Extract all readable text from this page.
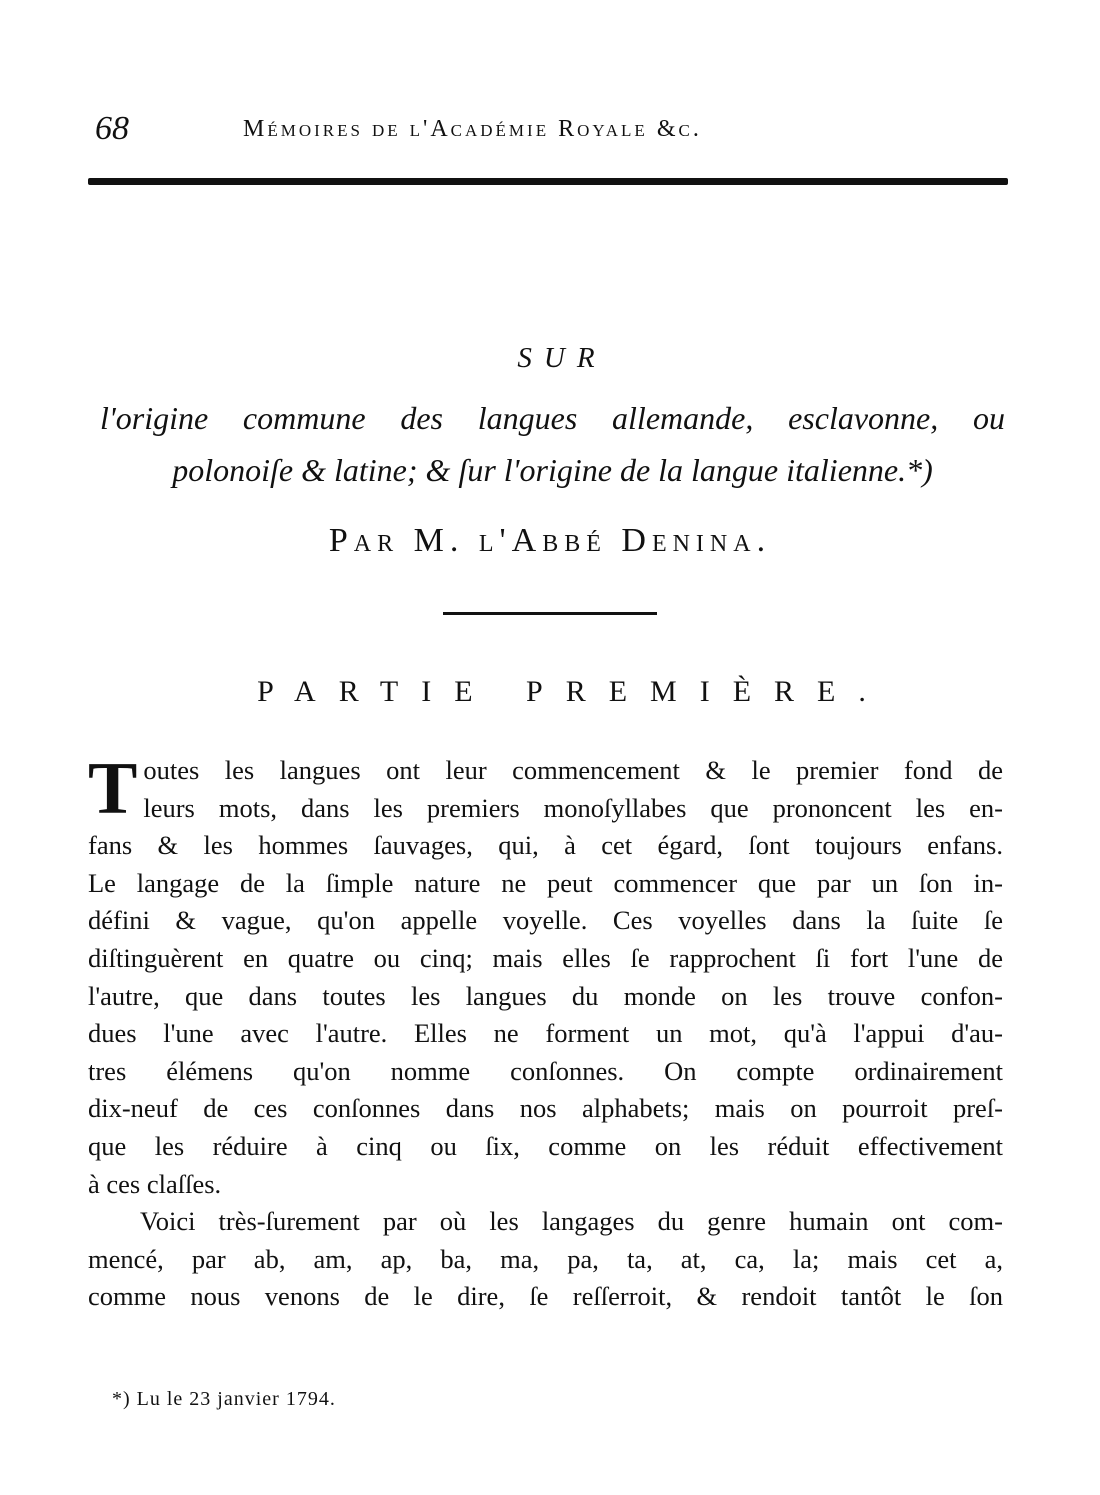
68	Mémoires de l'Académie Royale &c.
SUR
l'origine commune des langues allemande, esclavonne, ou
polonoiſe & latine; & ſur l'origine de la langue italienne.*)
Par M. l'Abbé Denina.
PARTIE PREMIÈRE.

T outes les langues ont leur commencement & le premier fond de
leurs mots, dans les premiers monoſyllabes que prononcent les en-
fans & les hommes ſauvages, qui, à cet égard, ſont toujours enfans.
Le langage de la ſimple nature ne peut commencer que par un ſon in-
défini & vague, qu'on appelle voyelle. Ces voyelles dans la ſuite ſe
diſtinguèrent en quatre ou cinq; mais elles ſe rapprochent ſi fort l'une de
l'autre, que dans toutes les langues du monde on les trouve confon-
dues l'une avec l'autre. Elles ne forment un mot, qu'à l'appui d'au-
tres élémens qu'on nomme conſonnes. On compte ordinairement
dix-neuf de ces conſonnes dans nos alphabets; mais on pourroit preſ-
que les réduire à cinq ou ſix, comme on les réduit effectivement
à ces claſſes.

Voici très-ſurement par où les langages du genre humain ont com-
mencé, par ab, am, ap, ba, ma, pa, ta, at, ca, la; mais cet a,
comme nous venons de le dire, ſe reſſerroit, & rendoit tantôt le ſon

*) Lu le 23 janvier 1794.
